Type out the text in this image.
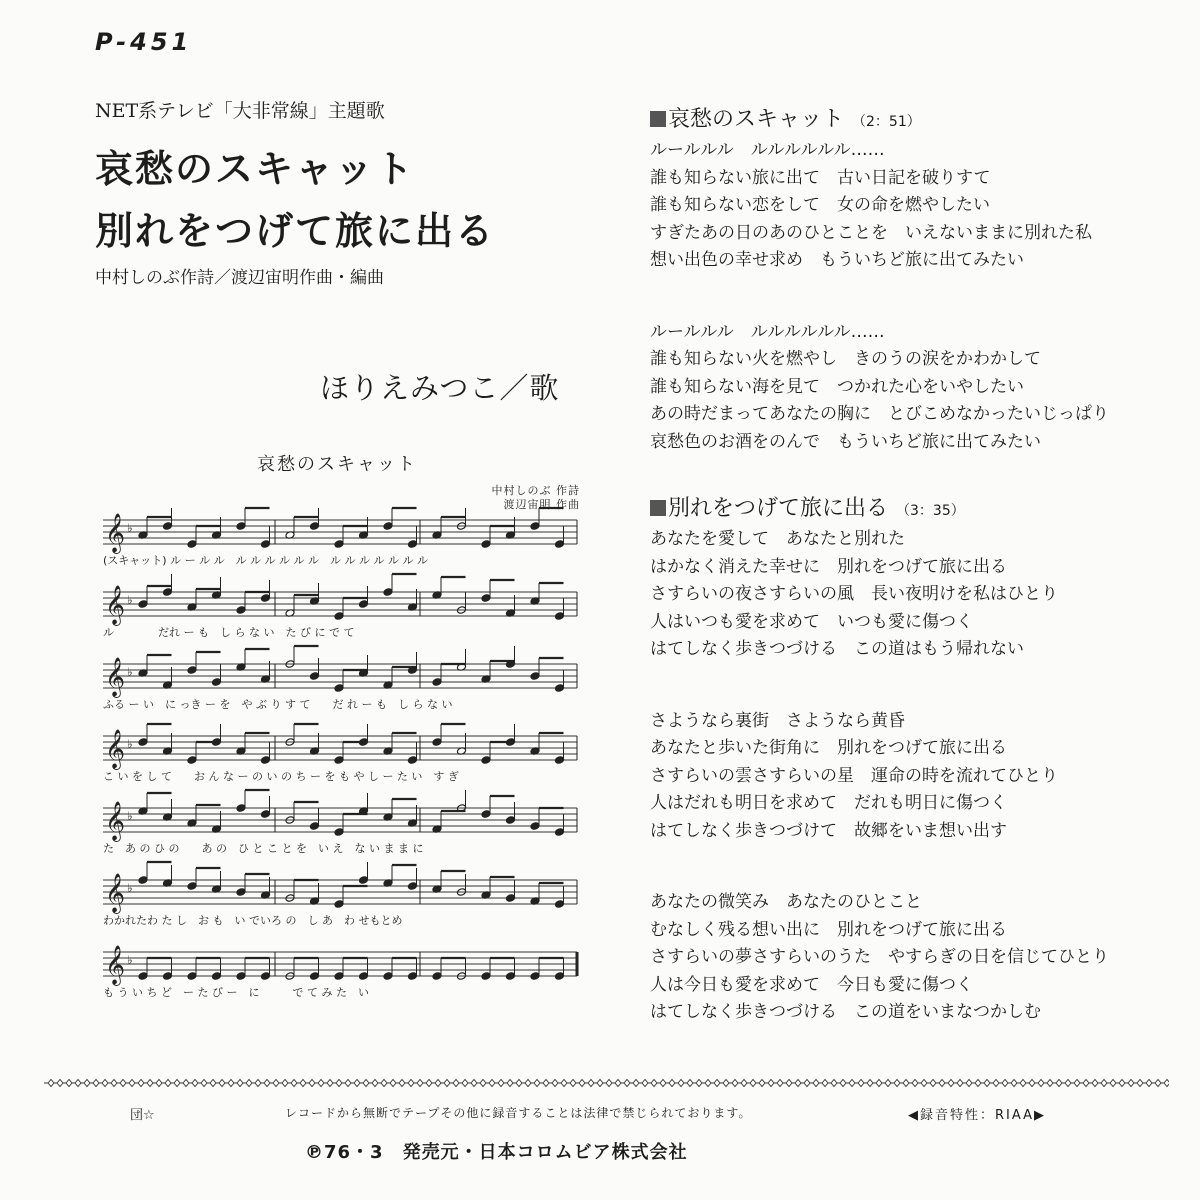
P-451
NET系テレビ「大非常線」主題歌
哀愁のスキャット
別れをつげて旅に出る
中村しのぶ作詩／渡辺宙明作曲・編曲
ほりえみつこ／歌
𝄞 ♭
(スキャット) ル ー ル ル　ル ル ル ル ル ル　ル ル ル ル ル ル ル
𝄞 ♭
ル　　　　だれ ー も　し ら な い　た び に で て
𝄞 ♭
ふる ー い　に っき ー を　や ぶ り す て　　だ れ ー も　し ら な い
𝄞 ♭
こ い を し て　　お ん な ー の い の ち ー を も や し ー た い　す ぎ
𝄞 ♭
た　あ の ひ の　　あ の　ひ と こ と を　い え　な い ま ま に
𝄞 ♭
わかれたわ た し　お も　い でいろ の　し あ　わ せもとめ
𝄞 ♭
も う い ち ど　ー た び ー　に　　　で て み た　い
哀愁のスキャット
中村しのぶ 作詩
渡辺宙明 作曲
哀愁のスキャット （2：51）
ルールルル　ルルルルルル……
誰も知らない旅に出て　古い日記を破りすて
誰も知らない恋をして　女の命を燃やしたい
すぎたあの日のあのひとことを　いえないままに別れた私
想い出色の幸せ求め　もういちど旅に出てみたい
ルールルル　ルルルルルル……
誰も知らない火を燃やし　きのうの涙をかわかして
誰も知らない海を見て　つかれた心をいやしたい
あの時だまってあなたの胸に　とびこめなかったいじっぱり
哀愁色のお酒をのんで　もういちど旅に出てみたい
別れをつげて旅に出る （3：35）
あなたを愛して　あなたと別れた
はかなく消えた幸せに　別れをつげて旅に出る
さすらいの夜さすらいの風　長い夜明けを私はひとり
人はいつも愛を求めて　いつも愛に傷つく
はてしなく歩きつづける　この道はもう帰れない
さようなら裏街　さようなら黄昏
あなたと歩いた街角に　別れをつげて旅に出る
さすらいの雲さすらいの星　運命の時を流れてひとり
人はだれも明日を求めて　だれも明日に傷つく
はてしなく歩きつづけて　故郷をいま想い出す
あなたの微笑み　あなたのひとこと
むなしく残る想い出に　別れをつげて旅に出る
さすらいの夢さすらいのうた　やすらぎの日を信じてひとり
人は今日も愛を求めて　今日も愛に傷つく
はてしなく歩きつづける　この道をいまなつかしむ
団☆	レコードから無断でテープその他に録音することは法律で禁じられております。	◀録音特性：RIAA▶
℗76・3　発売元・日本コロムビア株式会社
